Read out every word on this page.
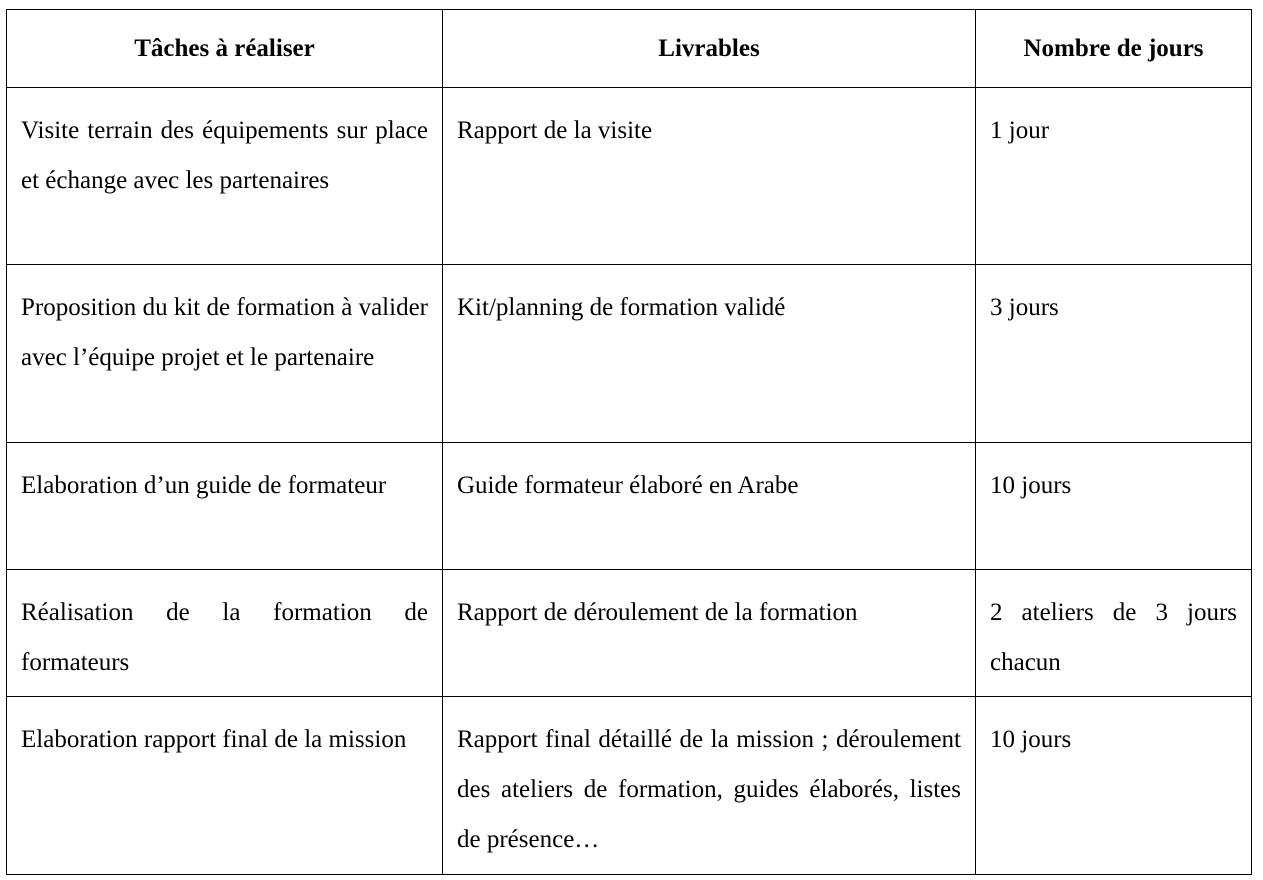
Tâches à réaliser	Livrables	Nombre de jours
Visite terrain des équipements sur place et échange avec les partenaires	Rapport de la visite	1 jour
Proposition du kit de formation à valider avec l’équipe projet et le partenaire	Kit/planning de formation validé	3 jours
Elaboration d’un guide de formateur	Guide formateur élaboré en Arabe	10 jours
Réalisation de la formation de formateurs	Rapport de déroulement de la formation	2 ateliers de 3 jours chacun
Elaboration rapport final de la mission	Rapport final détaillé de la mission ; déroulement des ateliers de formation, guides élaborés, listes de présence…	10 jours
